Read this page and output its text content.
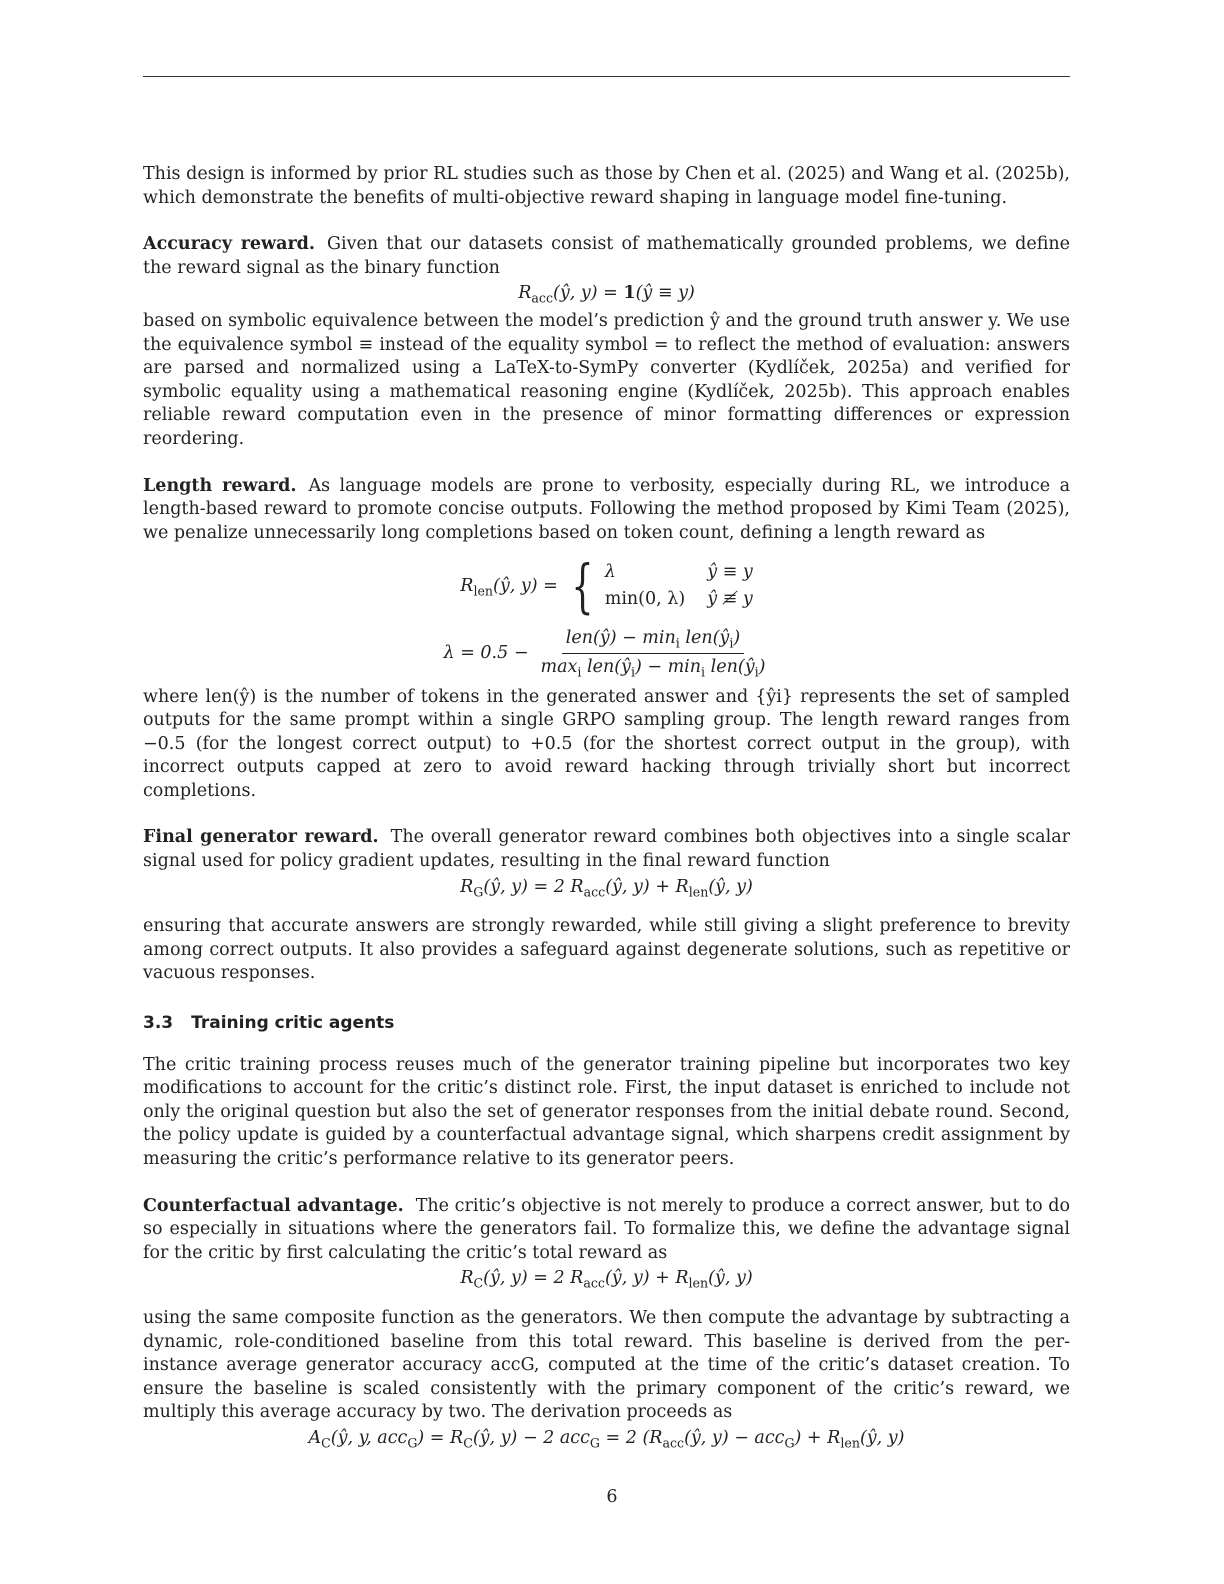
This design is informed by prior RL studies such as those by Chen et al. (2025) and Wang et al. (2025b), which demonstrate the benefits of multi-objective reward shaping in language model fine-tuning.

Accuracy reward. Given that our datasets consist of mathematically grounded problems, we define the reward signal as the binary function

$R_{acc}(ŷ$, y) = 1(ŷ ≡ y)

based on symbolic equivalence between the model’s prediction ŷ and the ground truth answer y. We use the equivalence symbol ≡ instead of the equality symbol = to reflect the method of evaluation: answers are parsed and normalized using a LaTeX-to-SymPy converter (Kydlíček, 2025a) and verified for symbolic equality using a mathematical reasoning engine (Kydlíček, 2025b). This approach enables reliable reward computation even in the presence of minor formatting differences or expression reordering.

Length reward. As language models are prone to verbosity, especially during RL, we introduce a length-based reward to promote concise outputs. Following the method proposed by Kimi Team (2025), we penalize unnecessarily long completions based on token count, defining a length reward as

$R_{len}(ŷ$, y) = { λ	ŷ ≡ y
min(0, λ) ŷ ≢ y
$\lambda = 0.5 - \frac{len(ŷ) - \min_i len(ŷ_i)}{\max_i len(ŷ_i) - \min_i len(ŷ_i)}$

where len(ŷ) is the number of tokens in the generated answer and {ŷi} represents the set of sampled outputs for the same prompt within a single GRPO sampling group. The length reward ranges from −0.5 (for the longest correct output) to +0.5 (for the shortest correct output in the group), with incorrect outputs capped at zero to avoid reward hacking through trivially short but incorrect completions.

Final generator reward. The overall generator reward combines both objectives into a single scalar signal used for policy gradient updates, resulting in the final reward function

$R_G(ŷ$, y) = 2 $R_{acc}(ŷ$, $y) + R_{len}(ŷ$, y)

ensuring that accurate answers are strongly rewarded, while still giving a slight preference to brevity among correct outputs. It also provides a safeguard against degenerate solutions, such as repetitive or vacuous responses.

3.3 Training critic agents

The critic training process reuses much of the generator training pipeline but incorporates two key modifications to account for the critic’s distinct role. First, the input dataset is enriched to include not only the original question but also the set of generator responses from the initial debate round. Second, the policy update is guided by a counterfactual advantage signal, which sharpens credit assignment by measuring the critic’s performance relative to its generator peers.

Counterfactual advantage. The critic’s objective is not merely to produce a correct answer, but to do so especially in situations where the generators fail. To formalize this, we define the advantage signal for the critic by first calculating the critic’s total reward as

$R_C(ŷ$, y) = 2 $R_{acc}(ŷ$, $y) + R_{len}(ŷ$, y)

using the same composite function as the generators. We then compute the advantage by subtracting a dynamic, role-conditioned baseline from this total reward. This baseline is derived from the per-instance average generator accuracy accG, computed at the time of the critic’s dataset creation. To ensure the baseline is scaled consistently with the primary component of the critic’s reward, we multiply this average accuracy by two. The derivation proceeds as

$A_C(ŷ$, y, $acc_G) = R_C(ŷ$, y) − 2 acc$_G$ = 2 ($R_{acc}(ŷ$, $y) - acc_G) + R_{len}(ŷ$, y)
6
